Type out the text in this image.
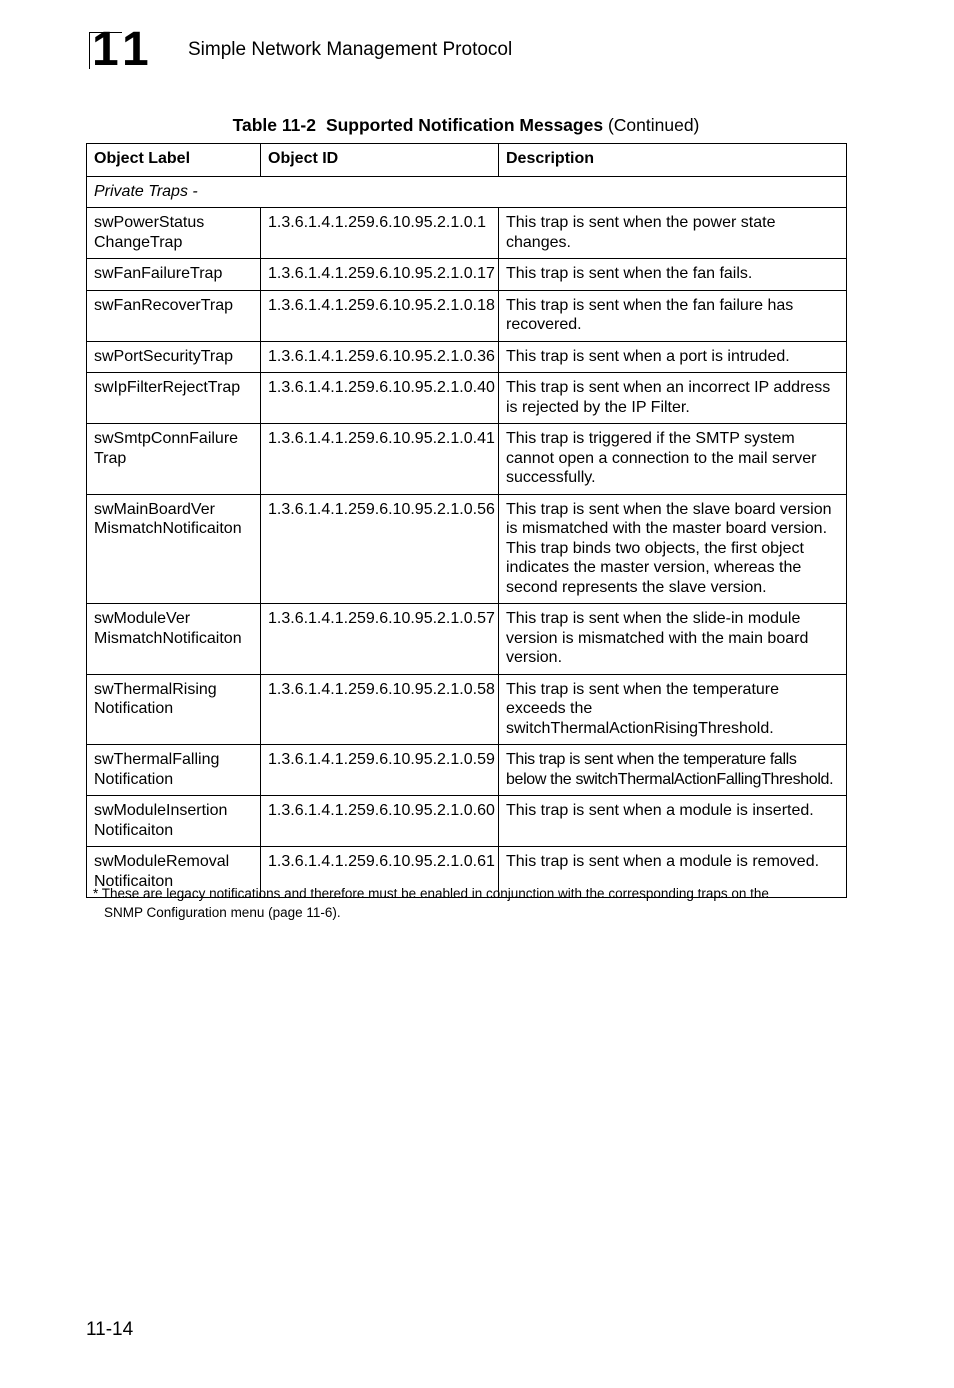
11 Simple Network Management Protocol
Table 11-2 Supported Notification Messages (Continued)
Object Label	Object ID	Description
Private Traps -		
swPowerStatus
ChangeTrap	1.3.6.1.4.1.259.6.10.95.2.1.0.1	This trap is sent when the power state changes.
swFanFailureTrap	1.3.6.1.4.1.259.6.10.95.2.1.0.17	This trap is sent when the fan fails.
swFanRecoverTrap	1.3.6.1.4.1.259.6.10.95.2.1.0.18	This trap is sent when the fan failure has recovered.
swPortSecurityTrap	1.3.6.1.4.1.259.6.10.95.2.1.0.36	This trap is sent when a port is intruded.
swIpFilterRejectTrap	1.3.6.1.4.1.259.6.10.95.2.1.0.40	This trap is sent when an incorrect IP address is rejected by the IP Filter.
swSmtpConnFailure
Trap	1.3.6.1.4.1.259.6.10.95.2.1.0.41	This trap is triggered if the SMTP system cannot open a connection to the mail server successfully.
swMainBoardVer
MismatchNotificaiton	1.3.6.1.4.1.259.6.10.95.2.1.0.56	This trap is sent when the slave board version is mismatched with the master board version. This trap binds two objects, the first object indicates the master version, whereas the second represents the slave version.
swModuleVer
MismatchNotificaiton	1.3.6.1.4.1.259.6.10.95.2.1.0.57	This trap is sent when the slide-in module version is mismatched with the main board version.
swThermalRising
Notification	1.3.6.1.4.1.259.6.10.95.2.1.0.58	This trap is sent when the temperature exceeds the switchThermalActionRisingThreshold.
swThermalFalling
Notification	1.3.6.1.4.1.259.6.10.95.2.1.0.59	This trap is sent when the temperature falls below the switchThermalActionFallingThreshold.
swModuleInsertion
Notificaiton	1.3.6.1.4.1.259.6.10.95.2.1.0.60	This trap is sent when a module is inserted.
swModuleRemoval
Notificaiton	1.3.6.1.4.1.259.6.10.95.2.1.0.61	This trap is sent when a module is removed.
* These are legacy notifications and therefore must be enabled in conjunction with the corresponding traps on the
SNMP Configuration menu (page 11-6).
11-14
